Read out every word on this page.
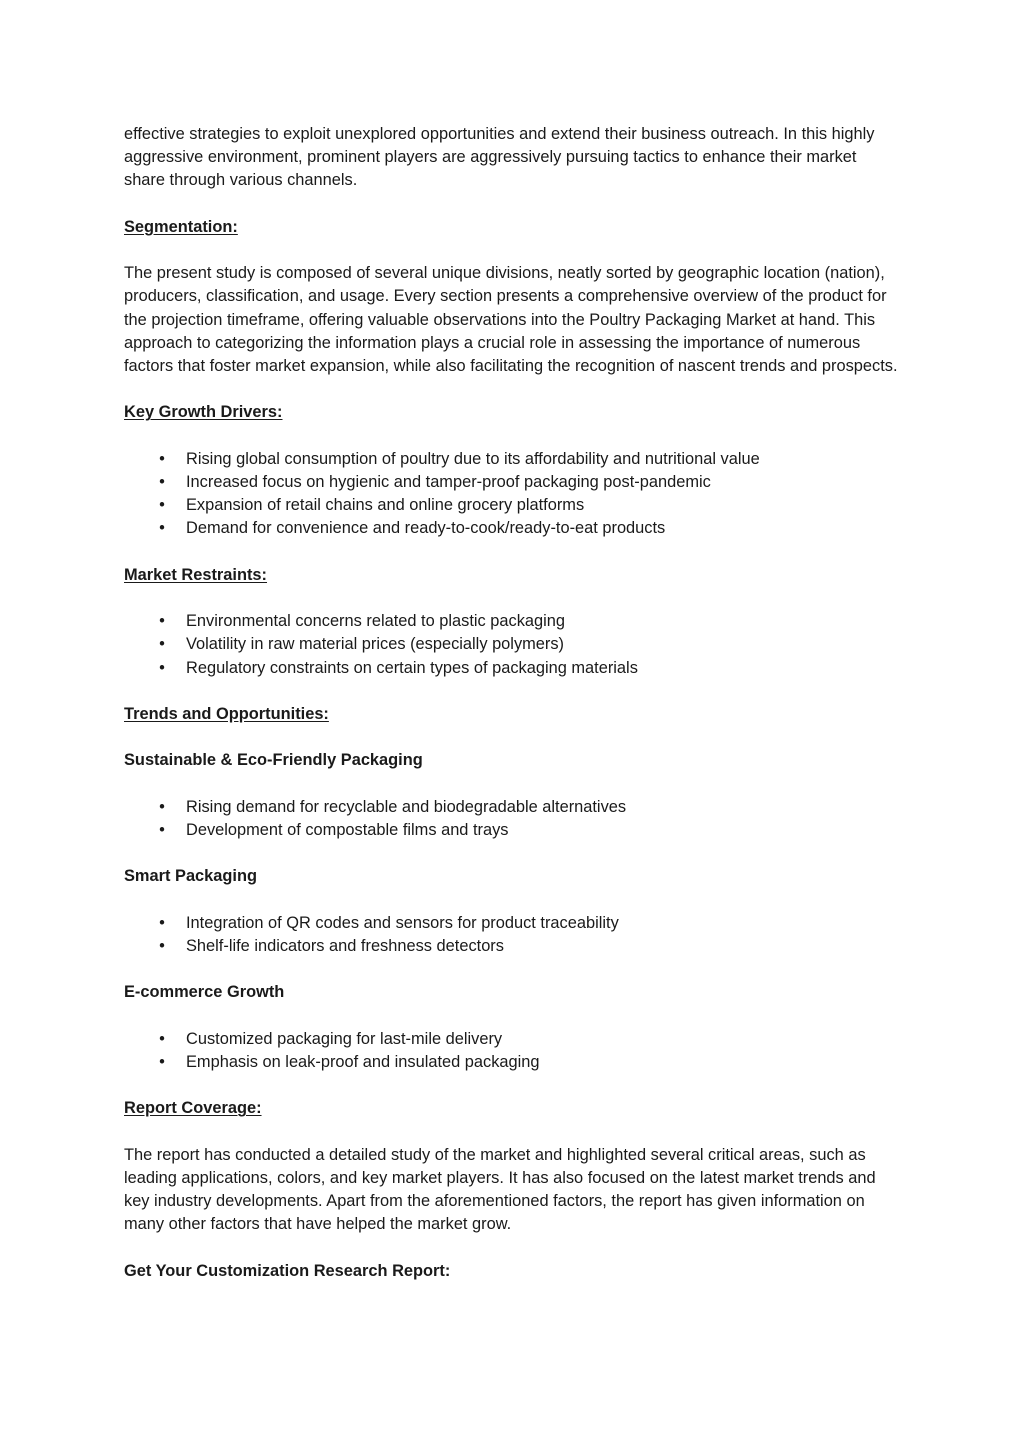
effective strategies to exploit unexplored opportunities and extend their business outreach. In this highly aggressive environment, prominent players are aggressively pursuing tactics to enhance their market share through various channels.

Segmentation:

The present study is composed of several unique divisions, neatly sorted by geographic location (nation), producers, classification, and usage. Every section presents a comprehensive overview of the product for the projection timeframe, offering valuable observations into the Poultry Packaging Market at hand. This approach to categorizing the information plays a crucial role in assessing the importance of numerous factors that foster market expansion, while also facilitating the recognition of nascent trends and prospects.

Key Growth Drivers:

• Rising global consumption of poultry due to its affordability and nutritional value
• Increased focus on hygienic and tamper-proof packaging post-pandemic
• Expansion of retail chains and online grocery platforms
• Demand for convenience and ready-to-cook/ready-to-eat products

Market Restraints:

• Environmental concerns related to plastic packaging
• Volatility in raw material prices (especially polymers)
• Regulatory constraints on certain types of packaging materials

Trends and Opportunities:

Sustainable & Eco-Friendly Packaging

• Rising demand for recyclable and biodegradable alternatives
• Development of compostable films and trays

Smart Packaging

• Integration of QR codes and sensors for product traceability
• Shelf-life indicators and freshness detectors

E-commerce Growth

• Customized packaging for last-mile delivery
• Emphasis on leak-proof and insulated packaging

Report Coverage:

The report has conducted a detailed study of the market and highlighted several critical areas, such as leading applications, colors, and key market players. It has also focused on the latest market trends and key industry developments. Apart from the aforementioned factors, the report has given information on many other factors that have helped the market grow.

Get Your Customization Research Report:
